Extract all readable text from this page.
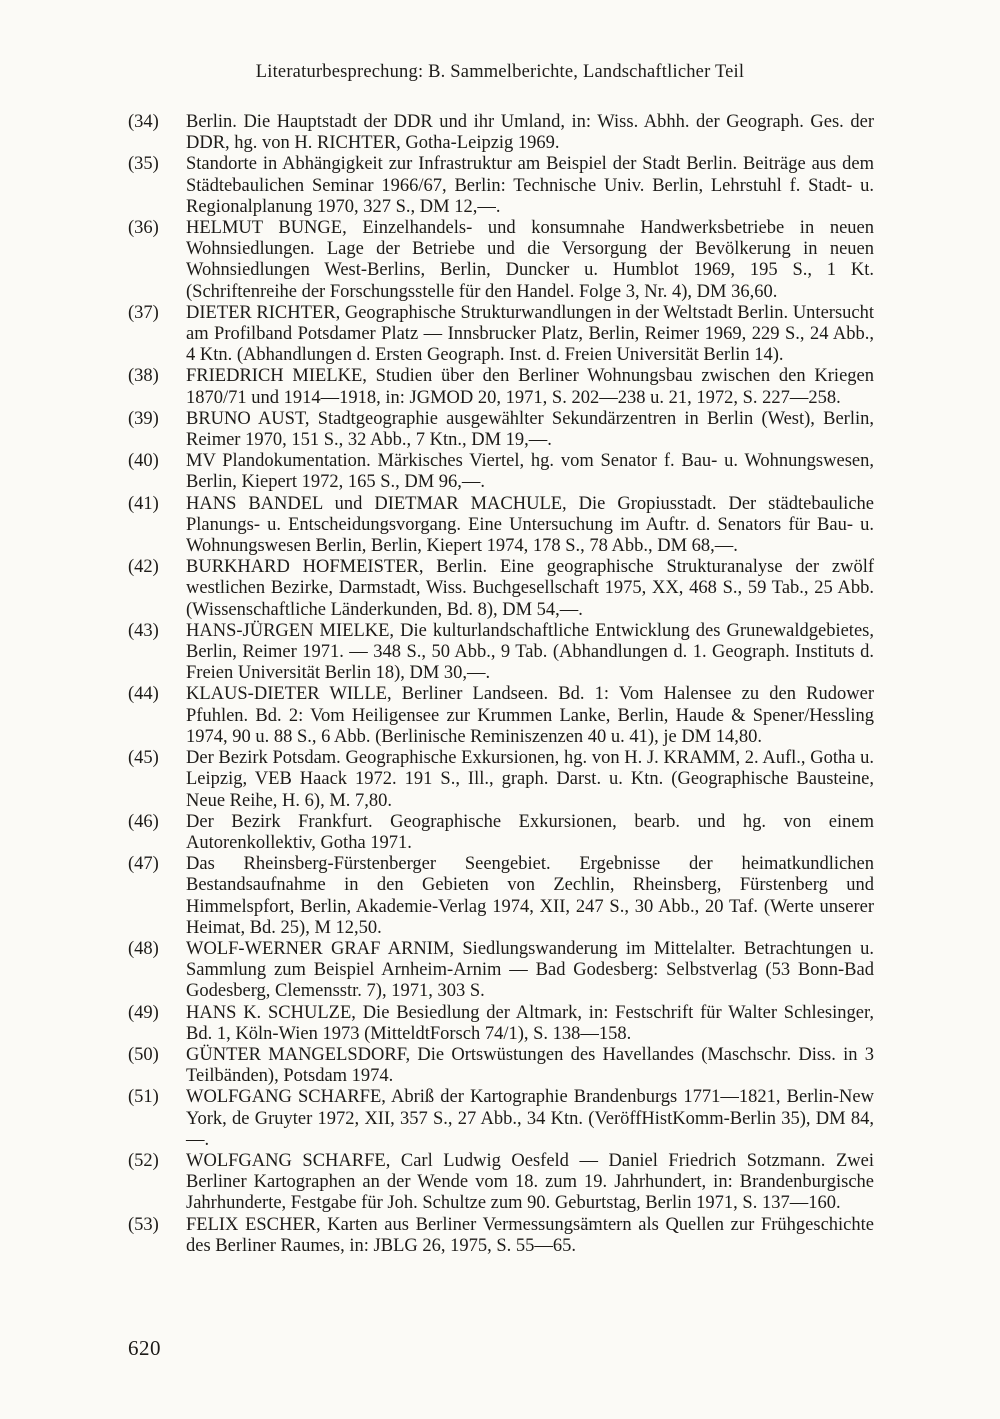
Literaturbesprechung: B. Sammelberichte, Landschaftlicher Teil

(34) Berlin. Die Hauptstadt der DDR und ihr Umland, in: Wiss. Abhh. der Geograph. Ges. der DDR, hg. von H. RICHTER, Gotha-Leipzig 1969.

(35) Standorte in Abhängigkeit zur Infrastruktur am Beispiel der Stadt Berlin. Beiträge aus dem Städtebaulichen Seminar 1966/67, Berlin: Technische Univ. Berlin, Lehrstuhl f. Stadt- u. Regionalplanung 1970, 327 S., DM 12,—.

(36) HELMUT BUNGE, Einzelhandels- und konsumnahe Handwerksbetriebe in neuen Wohnsiedlungen. Lage der Betriebe und die Versorgung der Bevölkerung in neuen Wohnsiedlungen West-Berlins, Berlin, Duncker u. Humblot 1969, 195 S., 1 Kt. (Schriftenreihe der Forschungsstelle für den Handel. Folge 3, Nr. 4), DM 36,60.

(37) DIETER RICHTER, Geographische Strukturwandlungen in der Weltstadt Berlin. Untersucht am Profilband Potsdamer Platz — Innsbrucker Platz, Berlin, Reimer 1969, 229 S., 24 Abb., 4 Ktn. (Abhandlungen d. Ersten Geograph. Inst. d. Freien Universität Berlin 14).

(38) FRIEDRICH MIELKE, Studien über den Berliner Wohnungsbau zwischen den Kriegen 1870/71 und 1914—1918, in: JGMOD 20, 1971, S. 202—238 u. 21, 1972, S. 227—258.

(39) BRUNO AUST, Stadtgeographie ausgewählter Sekundärzentren in Berlin (West), Berlin, Reimer 1970, 151 S., 32 Abb., 7 Ktn., DM 19,—.

(40) MV Plandokumentation. Märkisches Viertel, hg. vom Senator f. Bau- u. Wohnungswesen, Berlin, Kiepert 1972, 165 S., DM 96,—.

(41) HANS BANDEL und DIETMAR MACHULE, Die Gropiusstadt. Der städtebauliche Planungs- u. Entscheidungsvorgang. Eine Untersuchung im Auftr. d. Senators für Bau- u. Wohnungswesen Berlin, Berlin, Kiepert 1974, 178 S., 78 Abb., DM 68,—.

(42) BURKHARD HOFMEISTER, Berlin. Eine geographische Strukturanalyse der zwölf westlichen Bezirke, Darmstadt, Wiss. Buchgesellschaft 1975, XX, 468 S., 59 Tab., 25 Abb. (Wissenschaftliche Länderkunden, Bd. 8), DM 54,—.

(43) HANS-JÜRGEN MIELKE, Die kulturlandschaftliche Entwicklung des Grunewaldgebietes, Berlin, Reimer 1971. — 348 S., 50 Abb., 9 Tab. (Abhandlungen d. 1. Geograph. Instituts d. Freien Universität Berlin 18), DM 30,—.

(44) KLAUS-DIETER WILLE, Berliner Landseen. Bd. 1: Vom Halensee zu den Rudower Pfuhlen. Bd. 2: Vom Heiligensee zur Krummen Lanke, Berlin, Haude & Spener/Hessling 1974, 90 u. 88 S., 6 Abb. (Berlinische Reminiszenzen 40 u. 41), je DM 14,80.

(45) Der Bezirk Potsdam. Geographische Exkursionen, hg. von H. J. KRAMM, 2. Aufl., Gotha u. Leipzig, VEB Haack 1972. 191 S., Ill., graph. Darst. u. Ktn. (Geographische Bausteine, Neue Reihe, H. 6), M. 7,80.

(46) Der Bezirk Frankfurt. Geographische Exkursionen, bearb. und hg. von einem Autorenkollektiv, Gotha 1971.

(47) Das Rheinsberg-Fürstenberger Seengebiet. Ergebnisse der heimatkundlichen Bestandsaufnahme in den Gebieten von Zechlin, Rheinsberg, Fürstenberg und Himmelspfort, Berlin, Akademie-Verlag 1974, XII, 247 S., 30 Abb., 20 Taf. (Werte unserer Heimat, Bd. 25), M 12,50.

(48) WOLF-WERNER GRAF ARNIM, Siedlungswanderung im Mittelalter. Betrachtungen u. Sammlung zum Beispiel Arnheim-Arnim — Bad Godesberg: Selbstverlag (53 Bonn-Bad Godesberg, Clemensstr. 7), 1971, 303 S.

(49) HANS K. SCHULZE, Die Besiedlung der Altmark, in: Festschrift für Walter Schlesinger, Bd. 1, Köln-Wien 1973 (MitteldtForsch 74/1), S. 138—158.

(50) GÜNTER MANGELSDORF, Die Ortswüstungen des Havellandes (Maschschr. Diss. in 3 Teilbänden), Potsdam 1974.

(51) WOLFGANG SCHARFE, Abriß der Kartographie Brandenburgs 1771—1821, Berlin-New York, de Gruyter 1972, XII, 357 S., 27 Abb., 34 Ktn. (VeröffHistKomm-Berlin 35), DM 84,—.

(52) WOLFGANG SCHARFE, Carl Ludwig Oesfeld — Daniel Friedrich Sotzmann. Zwei Berliner Kartographen an der Wende vom 18. zum 19. Jahrhundert, in: Brandenburgische Jahrhunderte, Festgabe für Joh. Schultze zum 90. Geburtstag, Berlin 1971, S. 137—160.

(53) FELIX ESCHER, Karten aus Berliner Vermessungsämtern als Quellen zur Frühgeschichte des Berliner Raumes, in: JBLG 26, 1975, S. 55—65.

620
